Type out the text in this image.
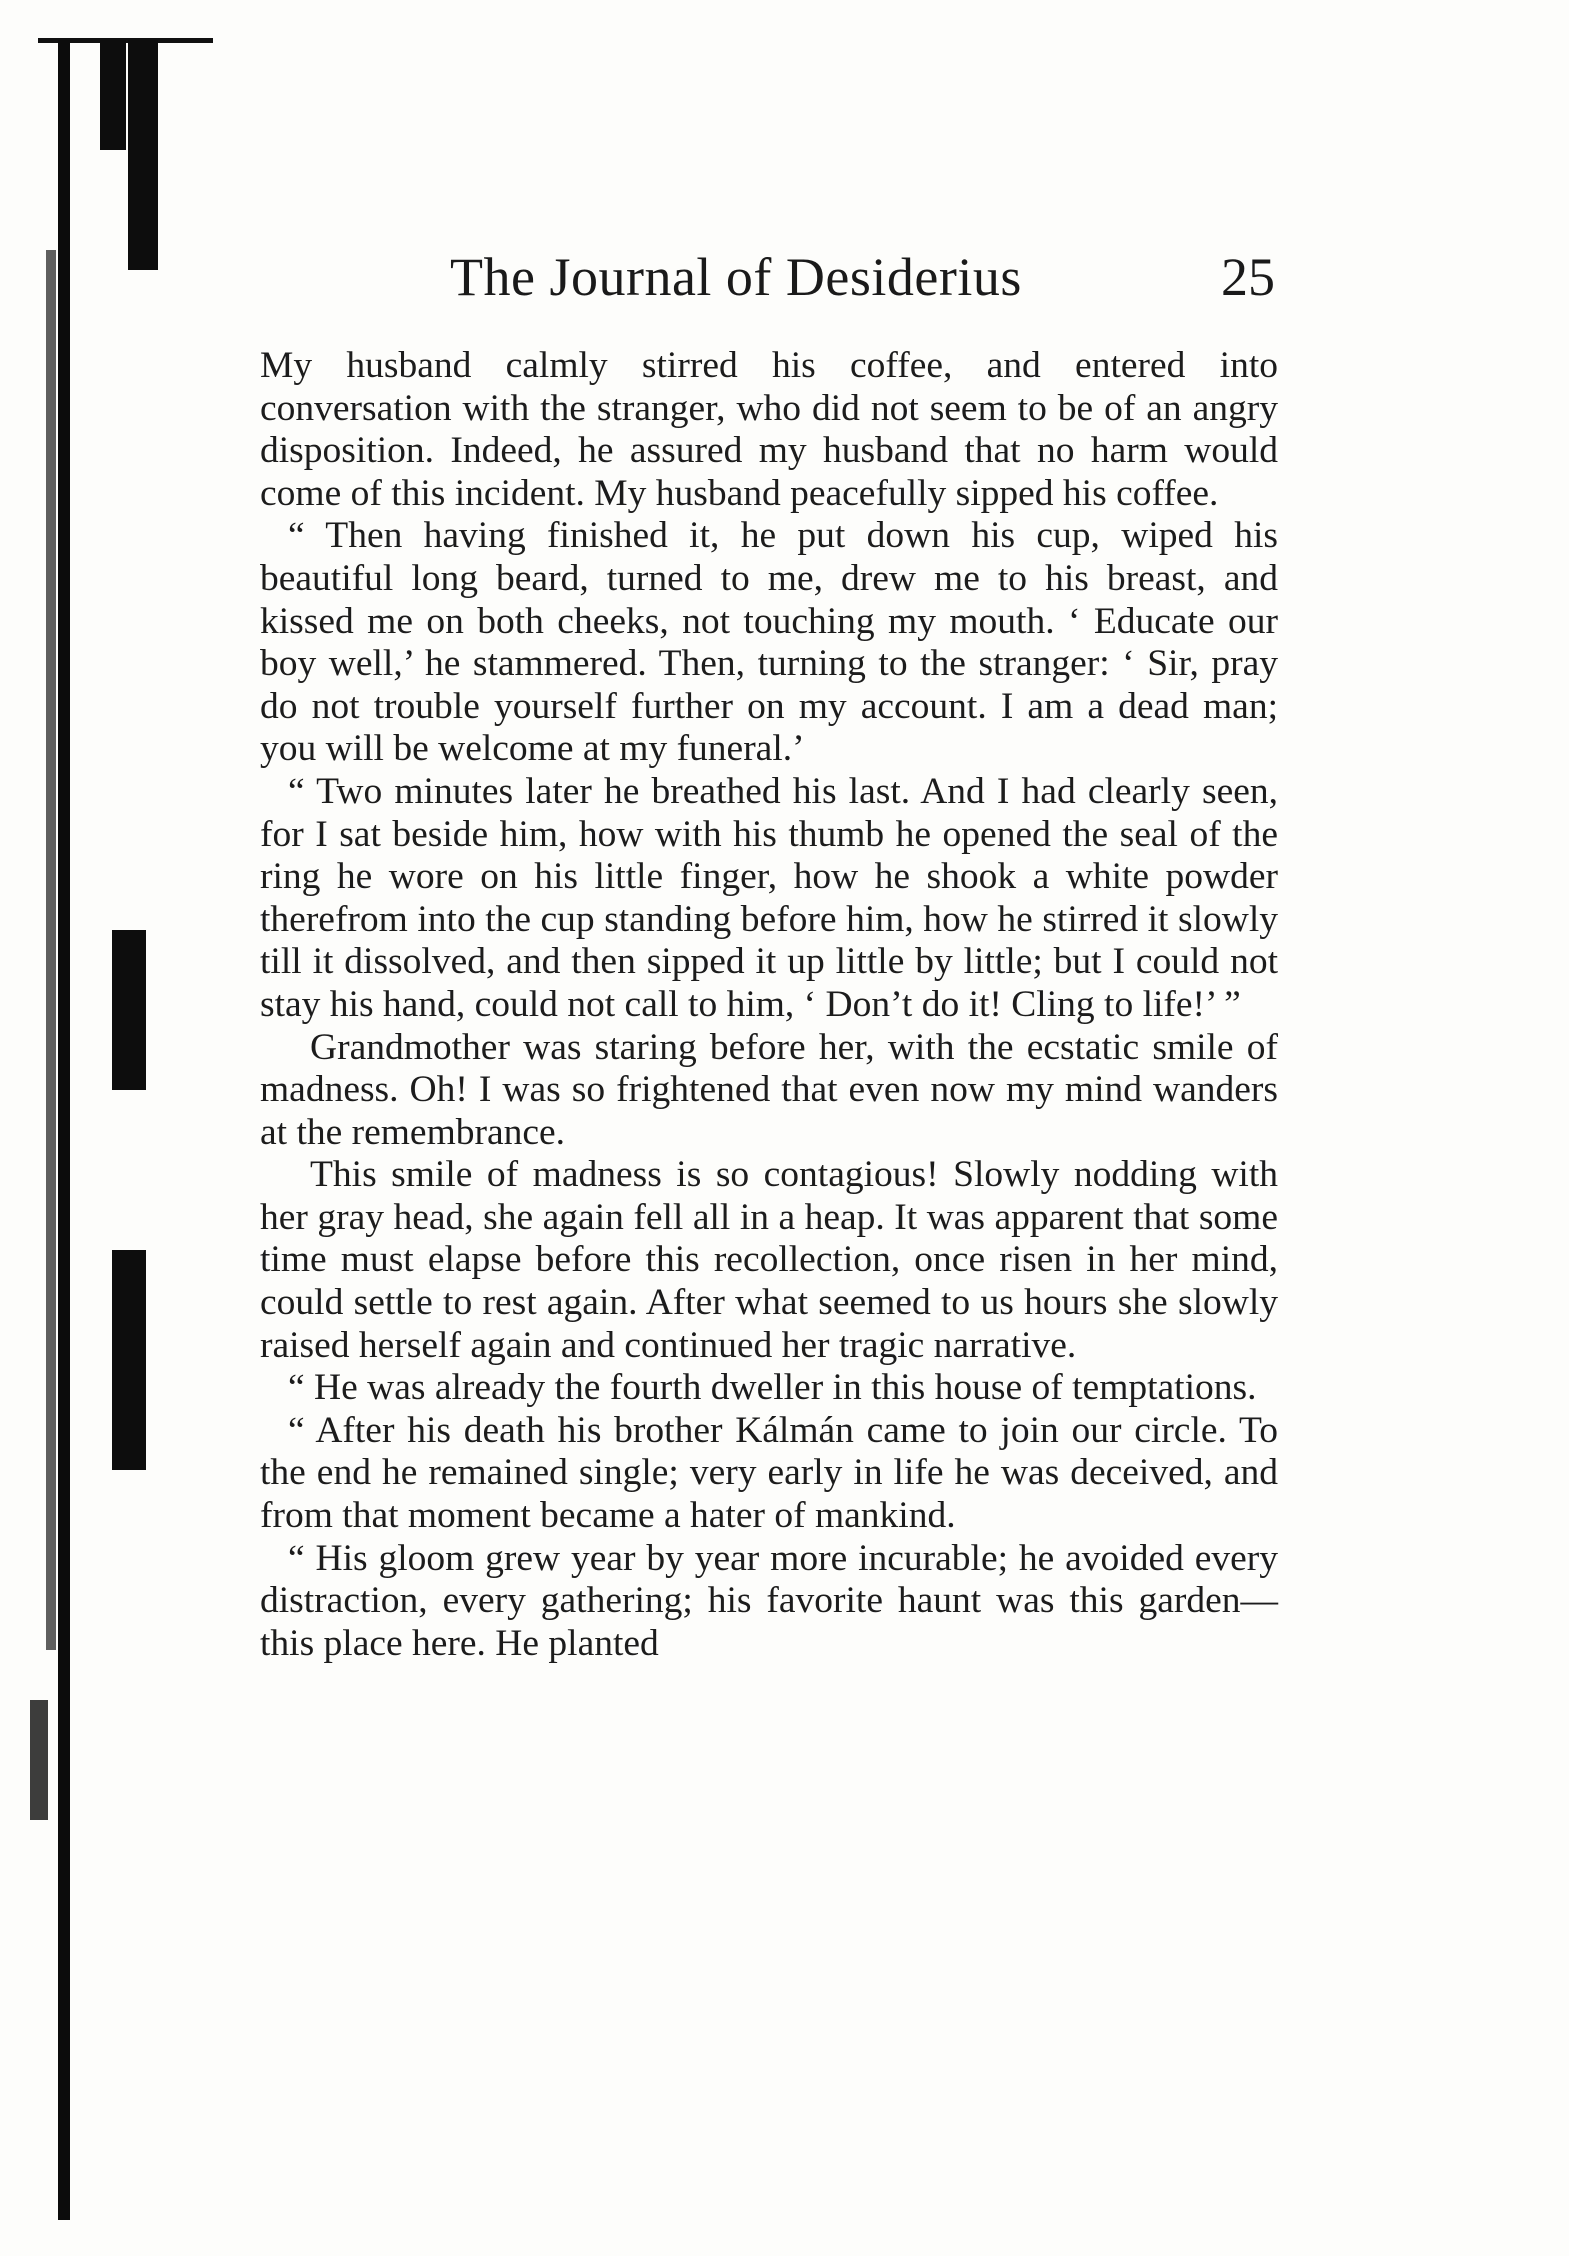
The Journal of Desiderius	25

My husband calmly stirred his coffee, and entered into conversation with the stranger, who did not seem to be of an angry disposition. Indeed, he assured my husband that no harm would come of this incident. My husband peacefully sipped his coffee.

“ Then having finished it, he put down his cup, wiped his beautiful long beard, turned to me, drew me to his breast, and kissed me on both cheeks, not touching my mouth. ‘ Educate our boy well,’ he stammered. Then, turning to the stranger: ‘ Sir, pray do not trouble yourself further on my account. I am a dead man; you will be welcome at my funeral.’

“ Two minutes later he breathed his last. And I had clearly seen, for I sat beside him, how with his thumb he opened the seal of the ring he wore on his little finger, how he shook a white powder therefrom into the cup standing before him, how he stirred it slowly till it dissolved, and then sipped it up little by little; but I could not stay his hand, could not call to him, ‘ Don’t do it! Cling to life!’ ”

Grandmother was staring before her, with the ecstatic smile of madness. Oh! I was so frightened that even now my mind wanders at the remembrance.

This smile of madness is so contagious! Slowly nodding with her gray head, she again fell all in a heap. It was apparent that some time must elapse before this recollection, once risen in her mind, could settle to rest again. After what seemed to us hours she slowly raised herself again and continued her tragic narrative.

“ He was already the fourth dweller in this house of temptations.

“ After his death his brother Kálmán came to join our circle. To the end he remained single; very early in life he was deceived, and from that moment became a hater of mankind.

“ His gloom grew year by year more incurable; he avoided every distraction, every gathering; his favorite haunt was this garden—this place here. He planted
